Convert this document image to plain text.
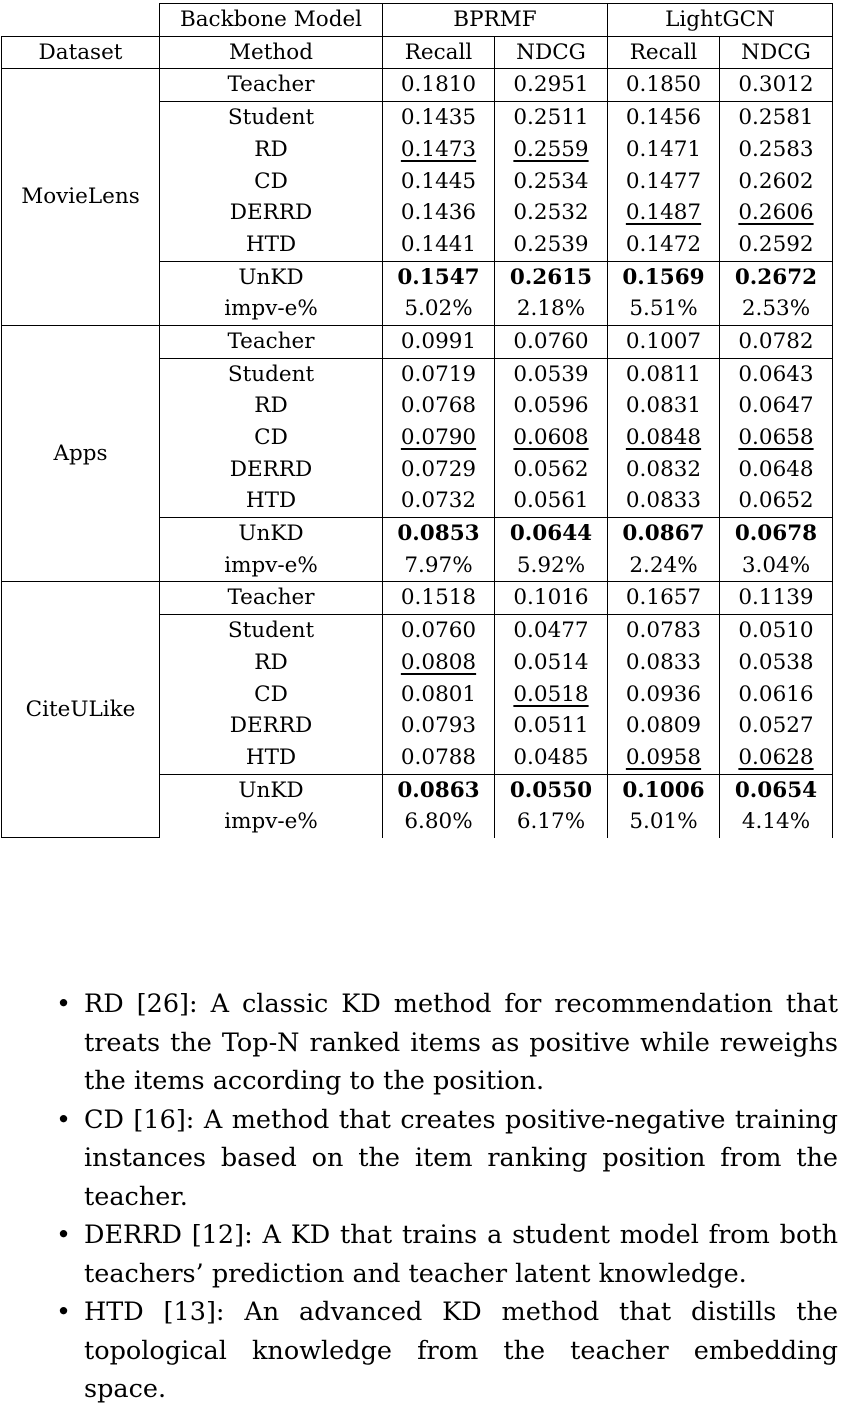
	Backbone Model	BPRMF		LightGCN	
Dataset	Method	Recall	NDCG	Recall	NDCG
MovieLens	Teacher	0.1810	0.2951	0.1850	0.3012
	Student	0.1435	0.2511	0.1456	0.2581
	RD	0.1473	0.2559	0.1471	0.2583
	CD	0.1445	0.2534	0.1477	0.2602
	DERRD	0.1436	0.2532	0.1487	0.2606
	HTD	0.1441	0.2539	0.1472	0.2592
	UnKD	0.1547	0.2615	0.1569	0.2672
	impv-e%	5.02%	2.18%	5.51%	2.53%
Apps	Teacher	0.0991	0.0760	0.1007	0.0782
	Student	0.0719	0.0539	0.0811	0.0643
	RD	0.0768	0.0596	0.0831	0.0647
	CD	0.0790	0.0608	0.0848	0.0658
	DERRD	0.0729	0.0562	0.0832	0.0648
	HTD	0.0732	0.0561	0.0833	0.0652
	UnKD	0.0853	0.0644	0.0867	0.0678
	impv-e%	7.97%	5.92%	2.24%	3.04%
CiteULike	Teacher	0.1518	0.1016	0.1657	0.1139
	Student	0.0760	0.0477	0.0783	0.0510
	RD	0.0808	0.0514	0.0833	0.0538
	CD	0.0801	0.0518	0.0936	0.0616
	DERRD	0.0793	0.0511	0.0809	0.0527
	HTD	0.0788	0.0485	0.0958	0.0628
	UnKD	0.0863	0.0550	0.1006	0.0654
	impv-e%	6.80%	6.17%	5.01%	4.14%
• RD [26]: A classic KD method for recommendation that treats the Top-N ranked items as positive while reweighs the items according to the position.
• CD [16]: A method that creates positive-negative training instances based on the item ranking position from the teacher.
• DERRD [12]: A KD that trains a student model from both teachers’ prediction and teacher latent knowledge.
• HTD [13]: An advanced KD method that distills the topological knowledge from the teacher embedding space.
